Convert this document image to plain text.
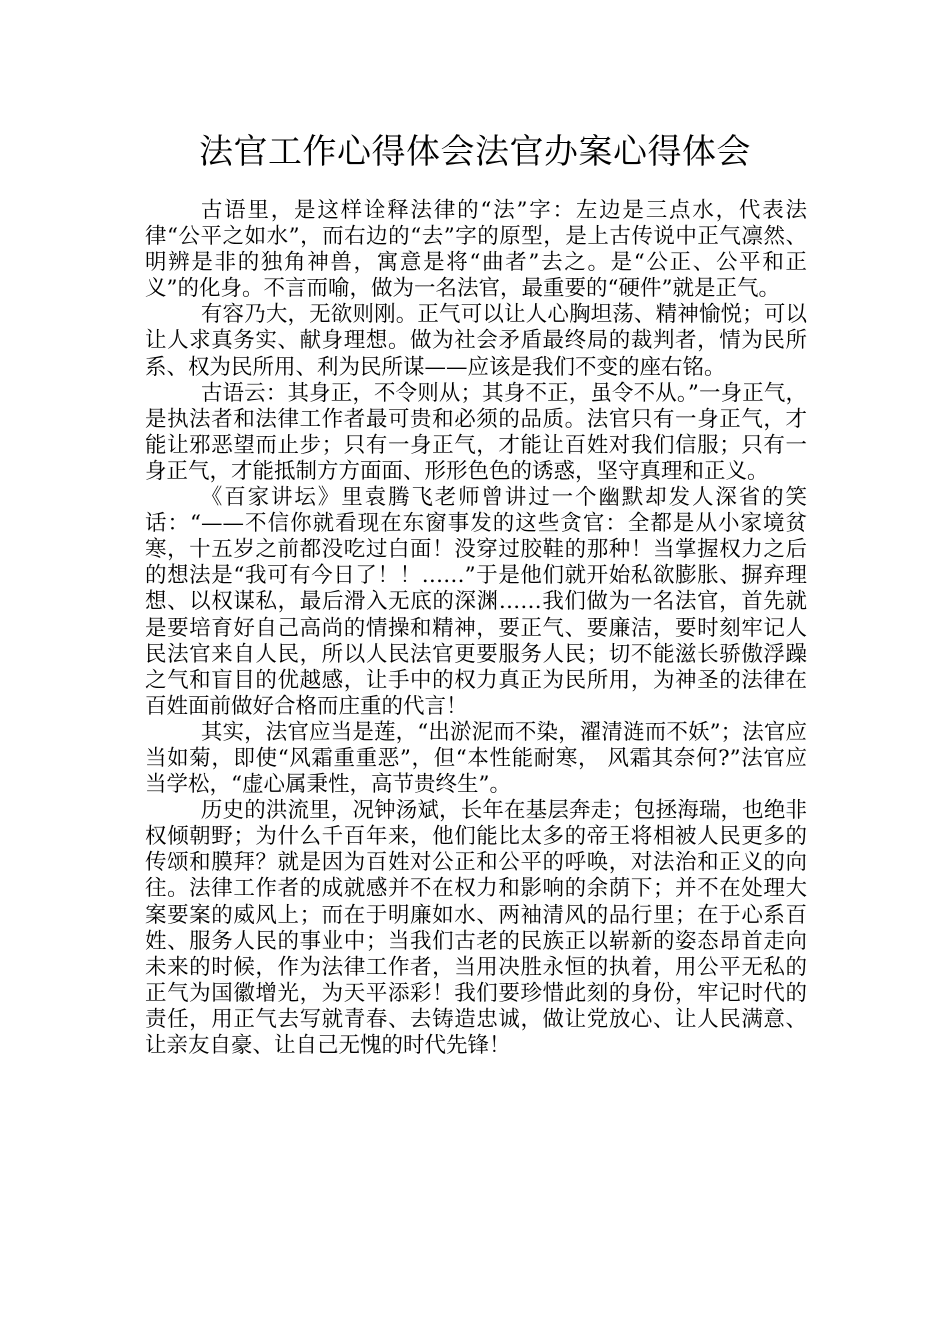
法官工作心得体会法官办案心得体会

古语里，是这样诠释法律的“法”字：左边是三点水，代表法律“公平之如水”，而右边的“去”字的原型，是上古传说中正气凛然、明辨是非的独角神兽，寓意是将“曲者”去之。是“公正、公平和正义”的化身。不言而喻，做为一名法官，最重要的“硬件”就是正气。

有容乃大，无欲则刚。正气可以让人心胸坦荡、精神愉悦；可以让人求真务实、献身理想。做为社会矛盾最终局的裁判者，情为民所系、权为民所用、利为民所谋——应该是我们不变的座右铭。

古语云：其身正，不令则从；其身不正，虽令不从。”一身正气，是执法者和法律工作者最可贵和必须的品质。法官只有一身正气，才能让邪恶望而止步；只有一身正气，才能让百姓对我们信服；只有一身正气，才能抵制方方面面、形形色色的诱惑，坚守真理和正义。

《百家讲坛》里袁腾飞老师曾讲过一个幽默却发人深省的笑话：“——不信你就看现在东窗事发的这些贪官：全都是从小家境贫寒，十五岁之前都没吃过白面！没穿过胶鞋的那种！当掌握权力之后的想法是“我可有今日了！！……”于是他们就开始私欲膨胀、摒弃理想、以权谋私，最后滑入无底的深渊……我们做为一名法官，首先就是要培育好自己高尚的情操和精神，要正气、要廉洁，要时刻牢记人民法官来自人民，所以人民法官更要服务人民；切不能滋长骄傲浮躁之气和盲目的优越感，让手中的权力真正为民所用，为神圣的法律在百姓面前做好合格而庄重的代言！

其实，法官应当是莲，“出淤泥而不染，濯清涟而不妖”；法官应当如菊，即使“风霜重重恶”，但“本性能耐寒， 风霜其奈何?”法官应当学松，“虚心属秉性，高节贵终生”。

历史的洪流里，况钟汤斌，长年在基层奔走；包拯海瑞，也绝非权倾朝野；为什么千百年来，他们能比太多的帝王将相被人民更多的传颂和膜拜？就是因为百姓对公正和公平的呼唤，对法治和正义的向往。法律工作者的成就感并不在权力和影响的余荫下；并不在处理大案要案的威风上；而在于明廉如水、两袖清风的品行里；在于心系百姓、服务人民的事业中；当我们古老的民族正以崭新的姿态昂首走向未来的时候，作为法律工作者，当用决胜永恒的执着，用公平无私的正气为国徽增光，为天平添彩！我们要珍惜此刻的身份，牢记时代的责任，用正气去写就青春、去铸造忠诚，做让党放心、让人民满意、让亲友自豪、让自己无愧的时代先锋！
